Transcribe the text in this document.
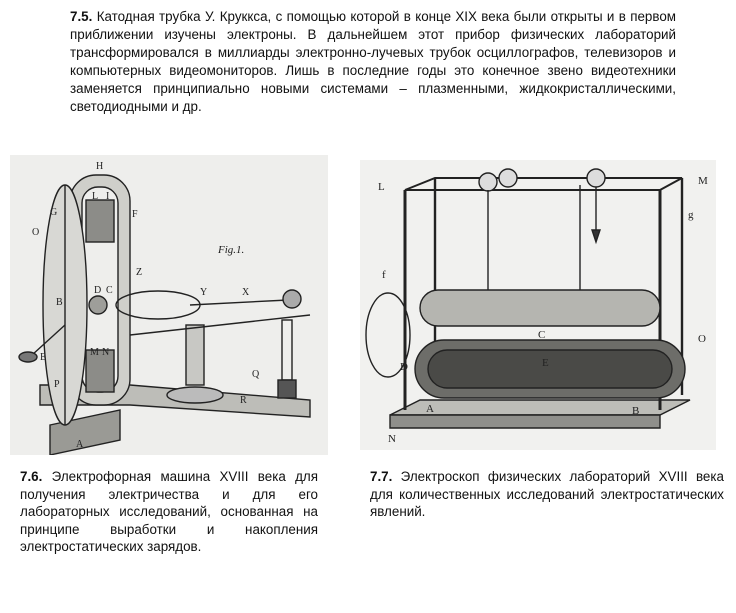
7.5. Катодная трубка У. Круккса, с помощью которой в конце XIX века были открыты и в первом приближении изучены электроны. В дальнейшем этот прибор физических лабораторий трансформировался в миллиарды электронно-лучевых трубок осциллографов, телевизоров и компьютерных видеомониторов. Лишь в последние годы это конечное звено видеотехники заменяется принципиально новыми системами – плазменными, жидкокристаллическими, светодиодными и др.
Fig.1.
H
G
L I
F
O
Z
D C
B
Y	X
E	M N
P
Q
R
A
L	M
g
f
C
E
D
O
A	B
N
7.6. Электрофорная машина XVIII века для получения электричества и для его лабораторных исследований, основанная на принципе выработки и накопления электростатических зарядов.
7.7. Электроскоп физических лабораторий XVIII века для количественных исследований электростатических явлений.
